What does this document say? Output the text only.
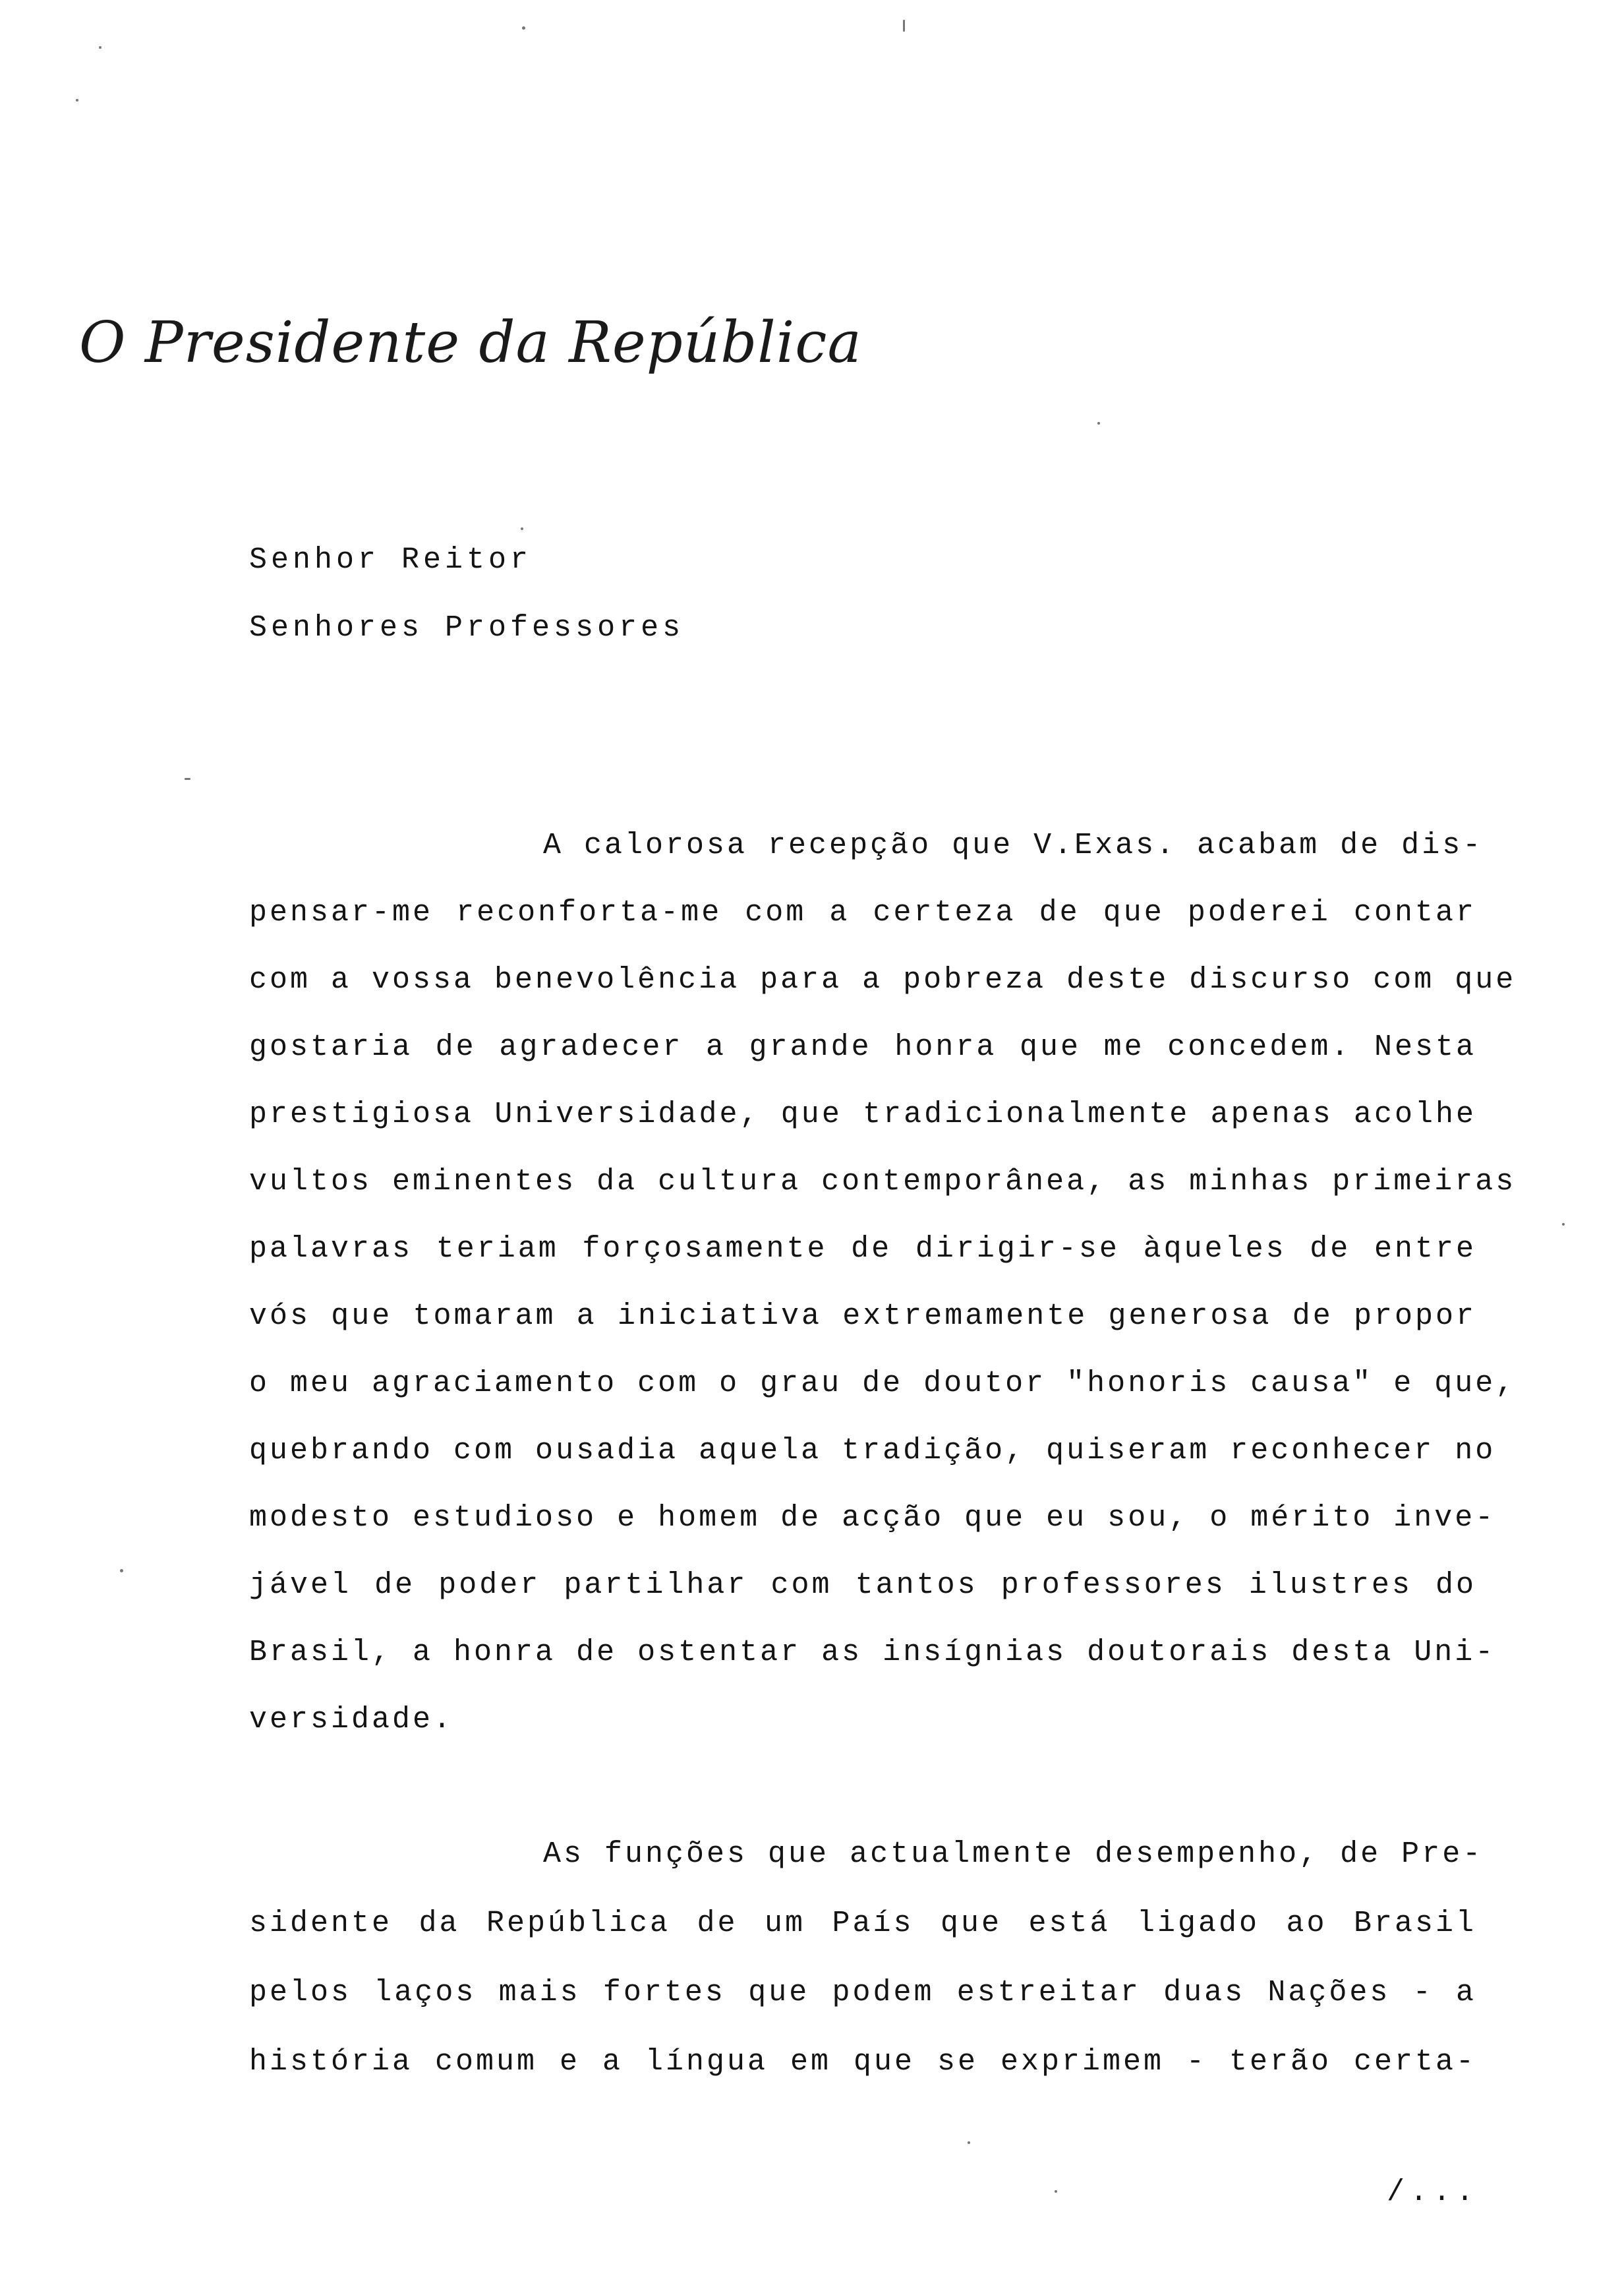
O Presidente da República
Senhor Reitor
Senhores Professores
A calorosa recepção que V.Exas. acabam de dis-
pensar-me reconforta-me com a certeza de que poderei contar
com a vossa benevolência para a pobreza deste discurso com que
gostaria de agradecer a grande honra que me concedem. Nesta
prestigiosa Universidade, que tradicionalmente apenas acolhe
vultos eminentes da cultura contemporânea, as minhas primeiras
palavras teriam forçosamente de dirigir-se àqueles de entre
vós que tomaram a iniciativa extremamente generosa de propor
o meu agraciamento com o grau de doutor "honoris causa" e que,
quebrando com ousadia aquela tradição, quiseram reconhecer no
modesto estudioso e homem de acção que eu sou, o mérito inve-
jável de poder partilhar com tantos professores ilustres do
Brasil, a honra de ostentar as insígnias doutorais desta Uni-
versidade.
As funções que actualmente desempenho, de Pre-
sidente da República de um País que está ligado ao Brasil
pelos laços mais fortes que podem estreitar duas Nações - a
história comum e a língua em que se exprimem - terão certa-
/...
